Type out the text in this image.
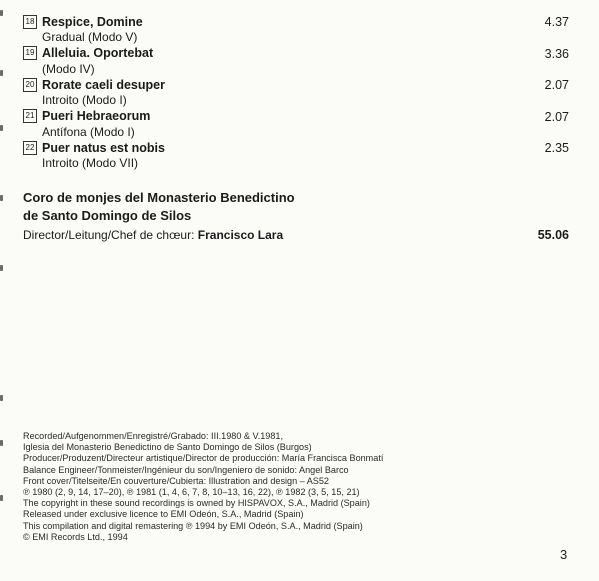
18 Respice, Domine	4.37
Gradual (Modo V)
19 Alleluia. Oportebat	3.36
(Modo IV)
20 Rorate caeli desuper	2.07
Introito (Modo I)
21 Pueri Hebraeorum	2.07
Antífona (Modo I)
22 Puer natus est nobis	2.35
Introito (Modo VII)
Coro de monjes del Monasterio Benedictino
de Santo Domingo de Silos
Director/Leitung/Chef de chœur: Francisco Lara	55.06
Recorded/Aufgenommen/Enregistré/Grabado: III.1980 & V.1981,
Iglesia del Monasterio Benedictino de Santo Domingo de Silos (Burgos)
Producer/Produzent/Directeur artistique/Director de producción: María Francisca Bonmatí
Balance Engineer/Tonmeister/Ingénieur du son/Ingeniero de sonido: Angel Barco
Front cover/Titelseite/En couverture/Cubierta: Illustration and design – AS52
℗ 1980 (2, 9, 14, 17–20), ℗ 1981 (1, 4, 6, 7, 8, 10–13, 16, 22), ℗ 1982 (3, 5, 15, 21)
The copyright in these sound recordings is owned by HISPAVOX, S.A., Madrid (Spain)
Released under exclusive licence to EMI Odeón, S.A., Madrid (Spain)
This compilation and digital remastering ℗ 1994 by EMI Odeón, S.A., Madrid (Spain)
© EMI Records Ltd., 1994
3
